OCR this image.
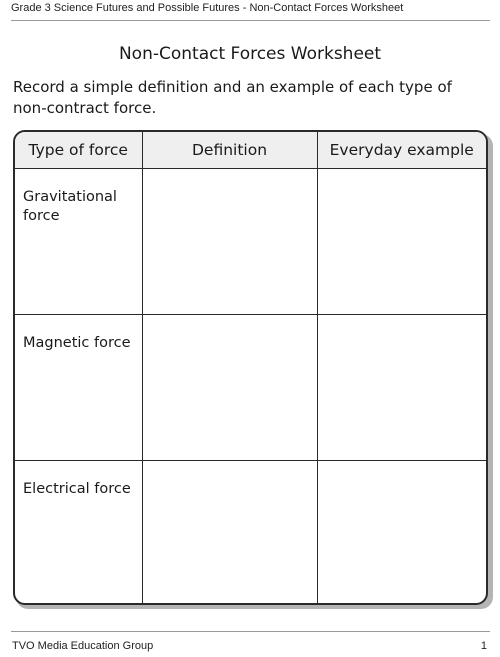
Grade 3 Science Futures and Possible Futures - Non-Contact Forces Worksheet
Non-Contact Forces Worksheet
Record a simple definition and an example of each type of non-contract force.
Type of force	Definition	Everyday example
Gravitational force		
Magnetic force		
Electrical force		
TVO Media Education Group	1
